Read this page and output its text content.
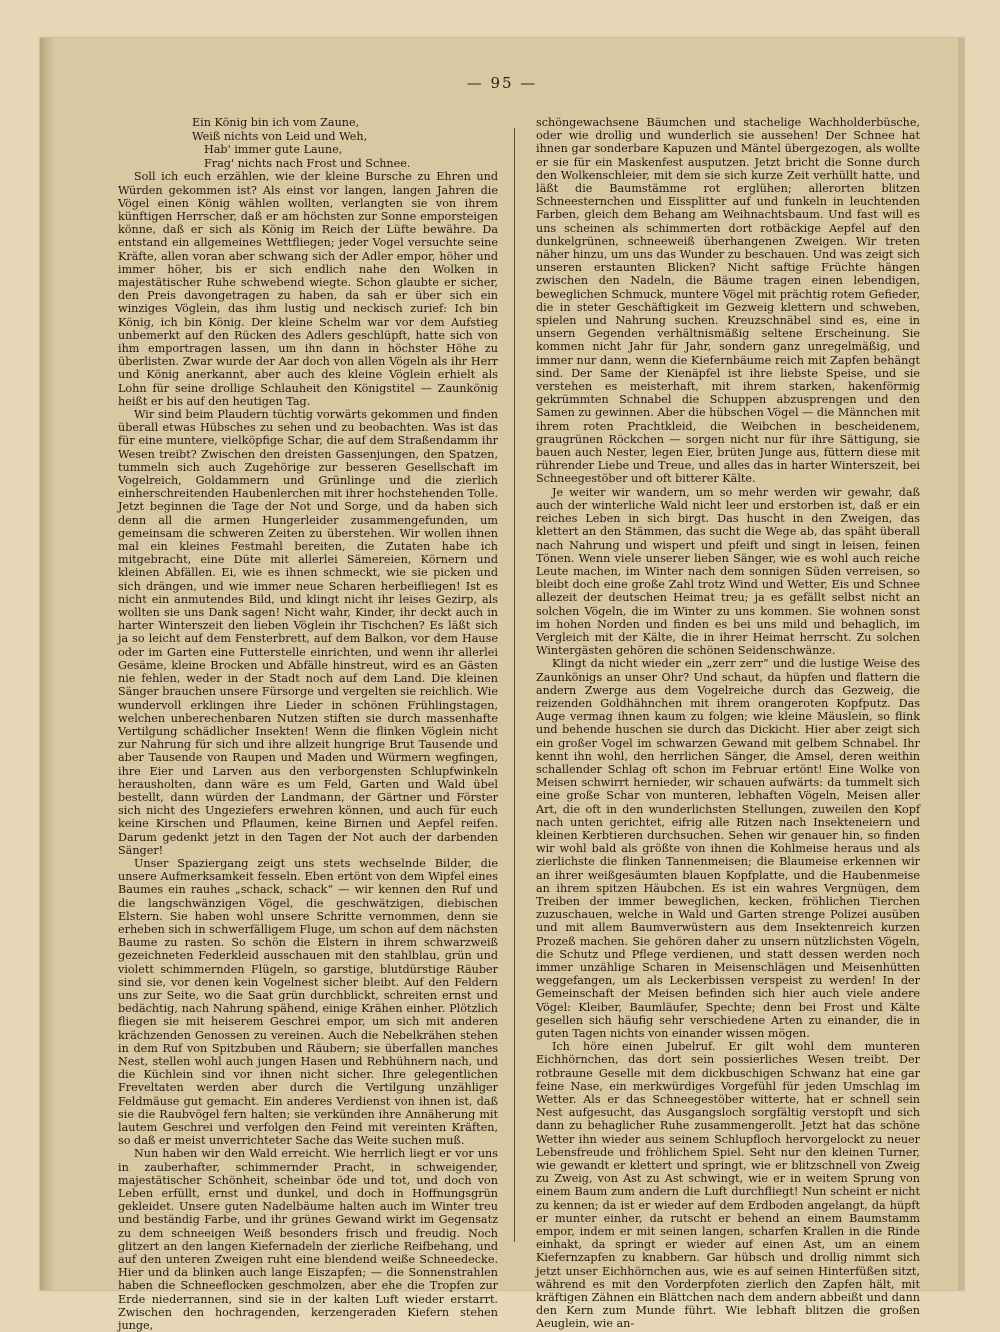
— 95 —
Ein König bin ich vom Zaune,
Weiß nichts von Leid und Weh,
Hab' immer gute Laune,
Frag' nichts nach Frost und Schnee.

Soll ich euch erzählen, wie der kleine Bursche zu Ehren und Würden gekommen ist? Als einst vor langen, langen Jahren die Vögel einen König wählen wollten, verlangten sie von ihrem künftigen Herrscher, daß er am höchsten zur Sonne emporsteigen könne, daß er sich als König im Reich der Lüfte bewähre. Da entstand ein allgemeines Wettfliegen; jeder Vogel versuchte seine Kräfte, allen voran aber schwang sich der Adler empor, höher und immer höher, bis er sich endlich nahe den Wolken in majestätischer Ruhe schwebend wiegte. Schon glaubte er sicher, den Preis davongetragen zu haben, da sah er über sich ein winziges Vöglein, das ihm lustig und neckisch zurief: Ich bin König, ich bin König. Der kleine Schelm war vor dem Aufstieg unbemerkt auf den Rücken des Adlers geschlüpft, hatte sich von ihm emportragen lassen, um ihn dann in höchster Höhe zu überlisten. Zwar wurde der Aar doch von allen Vögeln als ihr Herr und König anerkannt, aber auch des kleine Vöglein erhielt als Lohn für seine drollige Schlauheit den Königstitel — Zaunkönig heißt er bis auf den heutigen Tag.

Wir sind beim Plaudern tüchtig vorwärts gekommen und finden überall etwas Hübsches zu sehen und zu beobachten. Was ist das für eine muntere, vielköpfige Schar, die auf dem Straßendamm ihr Wesen treibt? Zwischen den dreisten Gassenjungen, den Spatzen, tummeln sich auch Zugehörige zur besseren Gesellschaft im Vogelreich, Goldammern und Grünlinge und die zierlich einherschreitenden Haubenlerchen mit ihrer hochstehenden Tolle. Jetzt beginnen die Tage der Not und Sorge, und da haben sich denn all die armen Hungerleider zusammengefunden, um gemeinsam die schweren Zeiten zu überstehen. Wir wollen ihnen mal ein kleines Festmahl bereiten, die Zutaten habe ich mitgebracht, eine Düte mit allerlei Sämereien, Körnern und kleinen Abfällen. Ei, wie es ihnen schmeckt, wie sie picken und sich drängen, und wie immer neue Scharen herbeifliegen! Ist es nicht ein anmutendes Bild, und klingt nicht ihr leises Gezirp, als wollten sie uns Dank sagen! Nicht wahr, Kinder, ihr deckt auch in harter Winterszeit den lieben Vöglein ihr Tischchen? Es läßt sich ja so leicht auf dem Fensterbrett, auf dem Balkon, vor dem Hause oder im Garten eine Futterstelle einrichten, und wenn ihr allerlei Gesäme, kleine Brocken und Abfälle hinstreut, wird es an Gästen nie fehlen, weder in der Stadt noch auf dem Land. Die kleinen Sänger brauchen unsere Fürsorge und vergelten sie reichlich. Wie wundervoll erklingen ihre Lieder in schönen Frühlingstagen, welchen unberechenbaren Nutzen stiften sie durch massenhafte Vertilgung schädlicher Insekten! Wenn die flinken Vöglein nicht zur Nahrung für sich und ihre allzeit hungrige Brut Tausende und aber Tausende von Raupen und Maden und Würmern wegfingen, ihre Eier und Larven aus den verborgensten Schlupfwinkeln herausholten, dann wäre es um Feld, Garten und Wald übel bestellt, dann würden der Landmann, der Gärtner und Förster sich nicht des Ungeziefers erwehren können, und auch für euch keine Kirschen und Pflaumen, keine Birnen und Aepfel reifen. Darum gedenkt jetzt in den Tagen der Not auch der darbenden Sänger!

Unser Spaziergang zeigt uns stets wechselnde Bilder, die unsere Aufmerksamkeit fesseln. Eben ertönt von dem Wipfel eines Baumes ein rauhes „schack, schack“ — wir kennen den Ruf und die langschwänzigen Vögel, die geschwätzigen, diebischen Elstern. Sie haben wohl unsere Schritte vernommen, denn sie erheben sich in schwerfälligem Fluge, um schon auf dem nächsten Baume zu rasten. So schön die Elstern in ihrem schwarzweiß gezeichneten Federkleid ausschauen mit den stahlblau, grün und violett schimmernden Flügeln, so garstige, blutdürstige Räuber sind sie, vor denen kein Vogelnest sicher bleibt. Auf den Feldern uns zur Seite, wo die Saat grün durchblickt, schreiten ernst und bedächtig, nach Nahrung spähend, einige Krähen einher. Plötzlich fliegen sie mit heiserem Geschrei empor, um sich mit anderen krächzenden Genossen zu vereinen. Auch die Nebelkrähen stehen in dem Ruf von Spitzbuben und Räubern; sie überfallen manches Nest, stellen wohl auch jungen Hasen und Rebhühnern nach, und die Küchlein sind vor ihnen nicht sicher. Ihre gelegentlichen Freveltaten werden aber durch die Vertilgung unzähliger Feldmäuse gut gemacht. Ein anderes Verdienst von ihnen ist, daß sie die Raubvögel fern halten; sie verkünden ihre Annäherung mit lautem Geschrei und verfolgen den Feind mit vereinten Kräften, so daß er meist unverrichteter Sache das Weite suchen muß.

Nun haben wir den Wald erreicht. Wie herrlich liegt er vor uns in zauberhafter, schimmernder Pracht, in schweigender, majestätischer Schönheit, scheinbar öde und tot, und doch von Leben erfüllt, ernst und dunkel, und doch in Hoffnungsgrün gekleidet. Unsere guten Nadelbäume halten auch im Winter treu und beständig Farbe, und ihr grünes Gewand wirkt im Gegensatz zu dem schneeigen Weiß besonders frisch und freudig. Noch glitzert an den langen Kiefernadeln der zierliche Reifbehang, und auf den unteren Zweigen ruht eine blendend weiße Schneedecke. Hier und da blinken auch lange Eiszapfen; — die Sonnenstrahlen haben die Schneeflocken geschmolzen, aber ehe die Tropfen zur Erde niederrannen, sind sie in der kalten Luft wieder erstarrt. Zwischen den hochragenden, kerzengeraden Kiefern stehen junge,

schöngewachsene Bäumchen und stachelige Wachholderbüsche, oder wie drollig und wunderlich sie aussehen! Der Schnee hat ihnen gar sonderbare Kapuzen und Mäntel übergezogen, als wollte er sie für ein Maskenfest ausputzen. Jetzt bricht die Sonne durch den Wolkenschleier, mit dem sie sich kurze Zeit verhüllt hatte, und läßt die Baumstämme rot erglühen; allerorten blitzen Schneesternchen und Eissplitter auf und funkeln in leuchtenden Farben, gleich dem Behang am Weihnachtsbaum. Und fast will es uns scheinen als schimmerten dort rotbäckige Aepfel auf den dunkelgrünen, schneeweiß überhangenen Zweigen. Wir treten näher hinzu, um uns das Wunder zu beschauen. Und was zeigt sich unseren erstaunten Blicken? Nicht saftige Früchte hängen zwischen den Nadeln, die Bäume tragen einen lebendigen, beweglichen Schmuck, muntere Vögel mit prächtig rotem Gefieder, die in steter Geschäftigkeit im Gezweig klettern und schweben, spielen und Nahrung suchen. Kreuzschnäbel sind es, eine in unsern Gegenden verhältnismäßig seltene Erscheinung. Sie kommen nicht Jahr für Jahr, sondern ganz unregelmäßig, und immer nur dann, wenn die Kiefernbäume reich mit Zapfen behängt sind. Der Same der Kienäpfel ist ihre liebste Speise, und sie verstehen es meisterhaft, mit ihrem starken, hakenförmig gekrümmten Schnabel die Schuppen abzusprengen und den Samen zu gewinnen. Aber die hübschen Vögel — die Männchen mit ihrem roten Prachtkleid, die Weibchen in bescheidenem, graugrünen Röckchen — sorgen nicht nur für ihre Sättigung, sie bauen auch Nester, legen Eier, brüten Junge aus, füttern diese mit rührender Liebe und Treue, und alles das in harter Winterszeit, bei Schneegestöber und oft bitterer Kälte.

Je weiter wir wandern, um so mehr werden wir gewahr, daß auch der winterliche Wald nicht leer und erstorben ist, daß er ein reiches Leben in sich birgt. Das huscht in den Zweigen, das klettert an den Stämmen, das sucht die Wege ab, das späht überall nach Nahrung und wispert und pfeift und singt in leisen, feinen Tönen. Wenn viele unserer lieben Sänger, wie es wohl auch reiche Leute machen, im Winter nach dem sonnigen Süden verreisen, so bleibt doch eine große Zahl trotz Wind und Wetter, Eis und Schnee allezeit der deutschen Heimat treu; ja es gefällt selbst nicht an solchen Vögeln, die im Winter zu uns kommen. Sie wohnen sonst im hohen Norden und finden es bei uns mild und behaglich, im Vergleich mit der Kälte, die in ihrer Heimat herrscht. Zu solchen Wintergästen gehören die schönen Seidenschwänze.

Klingt da nicht wieder ein „zerr zerr“ und die lustige Weise des Zaunkönigs an unser Ohr? Und schaut, da hüpfen und flattern die andern Zwerge aus dem Vogelreiche durch das Gezweig, die reizenden Goldhähnchen mit ihrem orangeroten Kopfputz. Das Auge vermag ihnen kaum zu folgen; wie kleine Mäuslein, so flink und behende huschen sie durch das Dickicht. Hier aber zeigt sich ein großer Vogel im schwarzen Gewand mit gelbem Schnabel. Ihr kennt ihn wohl, den herrlichen Sänger, die Amsel, deren weithin schallender Schlag oft schon im Februar ertönt! Eine Wolke von Meisen schwirrt hernieder, wir schauen aufwärts: da tummelt sich eine große Schar von munteren, lebhaften Vögeln, Meisen aller Art, die oft in den wunderlichsten Stellungen, zuweilen den Kopf nach unten gerichtet, eifrig alle Ritzen nach Insekteneiern und kleinen Kerbtieren durchsuchen. Sehen wir genauer hin, so finden wir wohl bald als größte von ihnen die Kohlmeise heraus und als zierlichste die flinken Tannenmeisen; die Blaumeise erkennen wir an ihrer weißgesäumten blauen Kopfplatte, und die Haubenmeise an ihrem spitzen Häubchen. Es ist ein wahres Vergnügen, dem Treiben der immer beweglichen, kecken, fröhlichen Tierchen zuzuschauen, welche in Wald und Garten strenge Polizei ausüben und mit allem Baumverwüstern aus dem Insektenreich kurzen Prozeß machen. Sie gehören daher zu unsern nützlichsten Vögeln, die Schutz und Pflege verdienen, und statt dessen werden noch immer unzählige Scharen in Meisenschlägen und Meisenhütten weggefangen, um als Leckerbissen verspeist zu werden! In der Gemeinschaft der Meisen befinden sich hier auch viele andere Vögel: Kleiber, Baumläufer, Spechte; denn bei Frost und Kälte gesellen sich häufig sehr verschiedene Arten zu einander, die in guten Tagen nichts von einander wissen mögen.

Ich höre einen Jubelruf. Er gilt wohl dem munteren Eichhörnchen, das dort sein possierliches Wesen treibt. Der rotbraune Geselle mit dem dickbuschigen Schwanz hat eine gar feine Nase, ein merkwürdiges Vorgefühl für jeden Umschlag im Wetter. Als er das Schneegestöber witterte, hat er schnell sein Nest aufgesucht, das Ausgangsloch sorgfältig verstopft und sich dann zu behaglicher Ruhe zusammengerollt. Jetzt hat das schöne Wetter ihn wieder aus seinem Schlupfloch hervorgelockt zu neuer Lebensfreude und fröhlichem Spiel. Seht nur den kleinen Turner, wie gewandt er klettert und springt, wie er blitzschnell von Zweig zu Zweig, von Ast zu Ast schwingt, wie er in weitem Sprung von einem Baum zum andern die Luft durchfliegt! Nun scheint er nicht zu kennen; da ist er wieder auf dem Erdboden angelangt, da hüpft er munter einher, da rutscht er behend an einem Baumstamm empor, indem er mit seinen langen, scharfen Krallen in die Rinde einhakt, da springt er wieder auf einen Ast, um an einem Kiefernzapfen zu knabbern. Gar hübsch und drollig nimmt sich jetzt unser Eichhörnchen aus, wie es auf seinen Hinterfüßen sitzt, während es mit den Vorderpfoten zierlich den Zapfen hält, mit kräftigen Zähnen ein Blättchen nach dem andern abbeißt und dann den Kern zum Munde führt. Wie lebhaft blitzen die großen Aeuglein, wie an-
